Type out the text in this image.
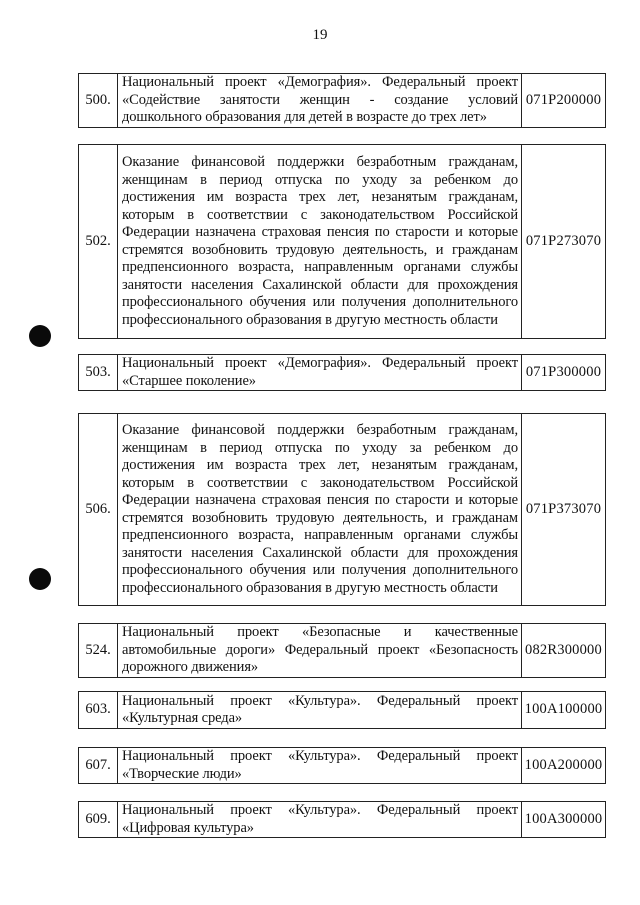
19
500.	Национальный проект «Демография». Федеральный проект «Содействие занятости женщин - создание условий дошкольного образования для детей в возрасте до трех лет»	071P200000
502.	Оказание финансовой поддержки безработным гражданам, женщинам в период отпуска по уходу за ребенком до достижения им возраста трех лет, незанятым гражданам, которым в соответствии с законодательством Российской Федерации назначена страховая пенсия по старости и которые стремятся возобновить трудовую деятельность, и гражданам предпенсионного возраста, направленным органами службы занятости населения Сахалинской области для прохождения профессионального обучения или получения дополнительного профессионального образования в другую местность области	071P273070
503.	Национальный проект «Демография». Федеральный проект «Старшее поколение»	071P300000
506.	Оказание финансовой поддержки безработным гражданам, женщинам в период отпуска по уходу за ребенком до достижения им возраста трех лет, незанятым гражданам, которым в соответствии с законодательством Российской Федерации назначена страховая пенсия по старости и которые стремятся возобновить трудовую деятельность, и гражданам предпенсионного возраста, направленным органами службы занятости населения Сахалинской области для прохождения профессионального обучения или получения дополнительного профессионального образования в другую местность области	071P373070
524.	Национальный проект «Безопасные и качественные автомобильные дороги» Федеральный проект «Безопасность дорожного движения»	082R300000
603.	Национальный проект «Культура». Федеральный проект «Культурная среда»	100A100000
607.	Национальный проект «Культура». Федеральный проект «Творческие люди»	100A200000
609.	Национальный проект «Культура». Федеральный проект «Цифровая культура»	100A300000
